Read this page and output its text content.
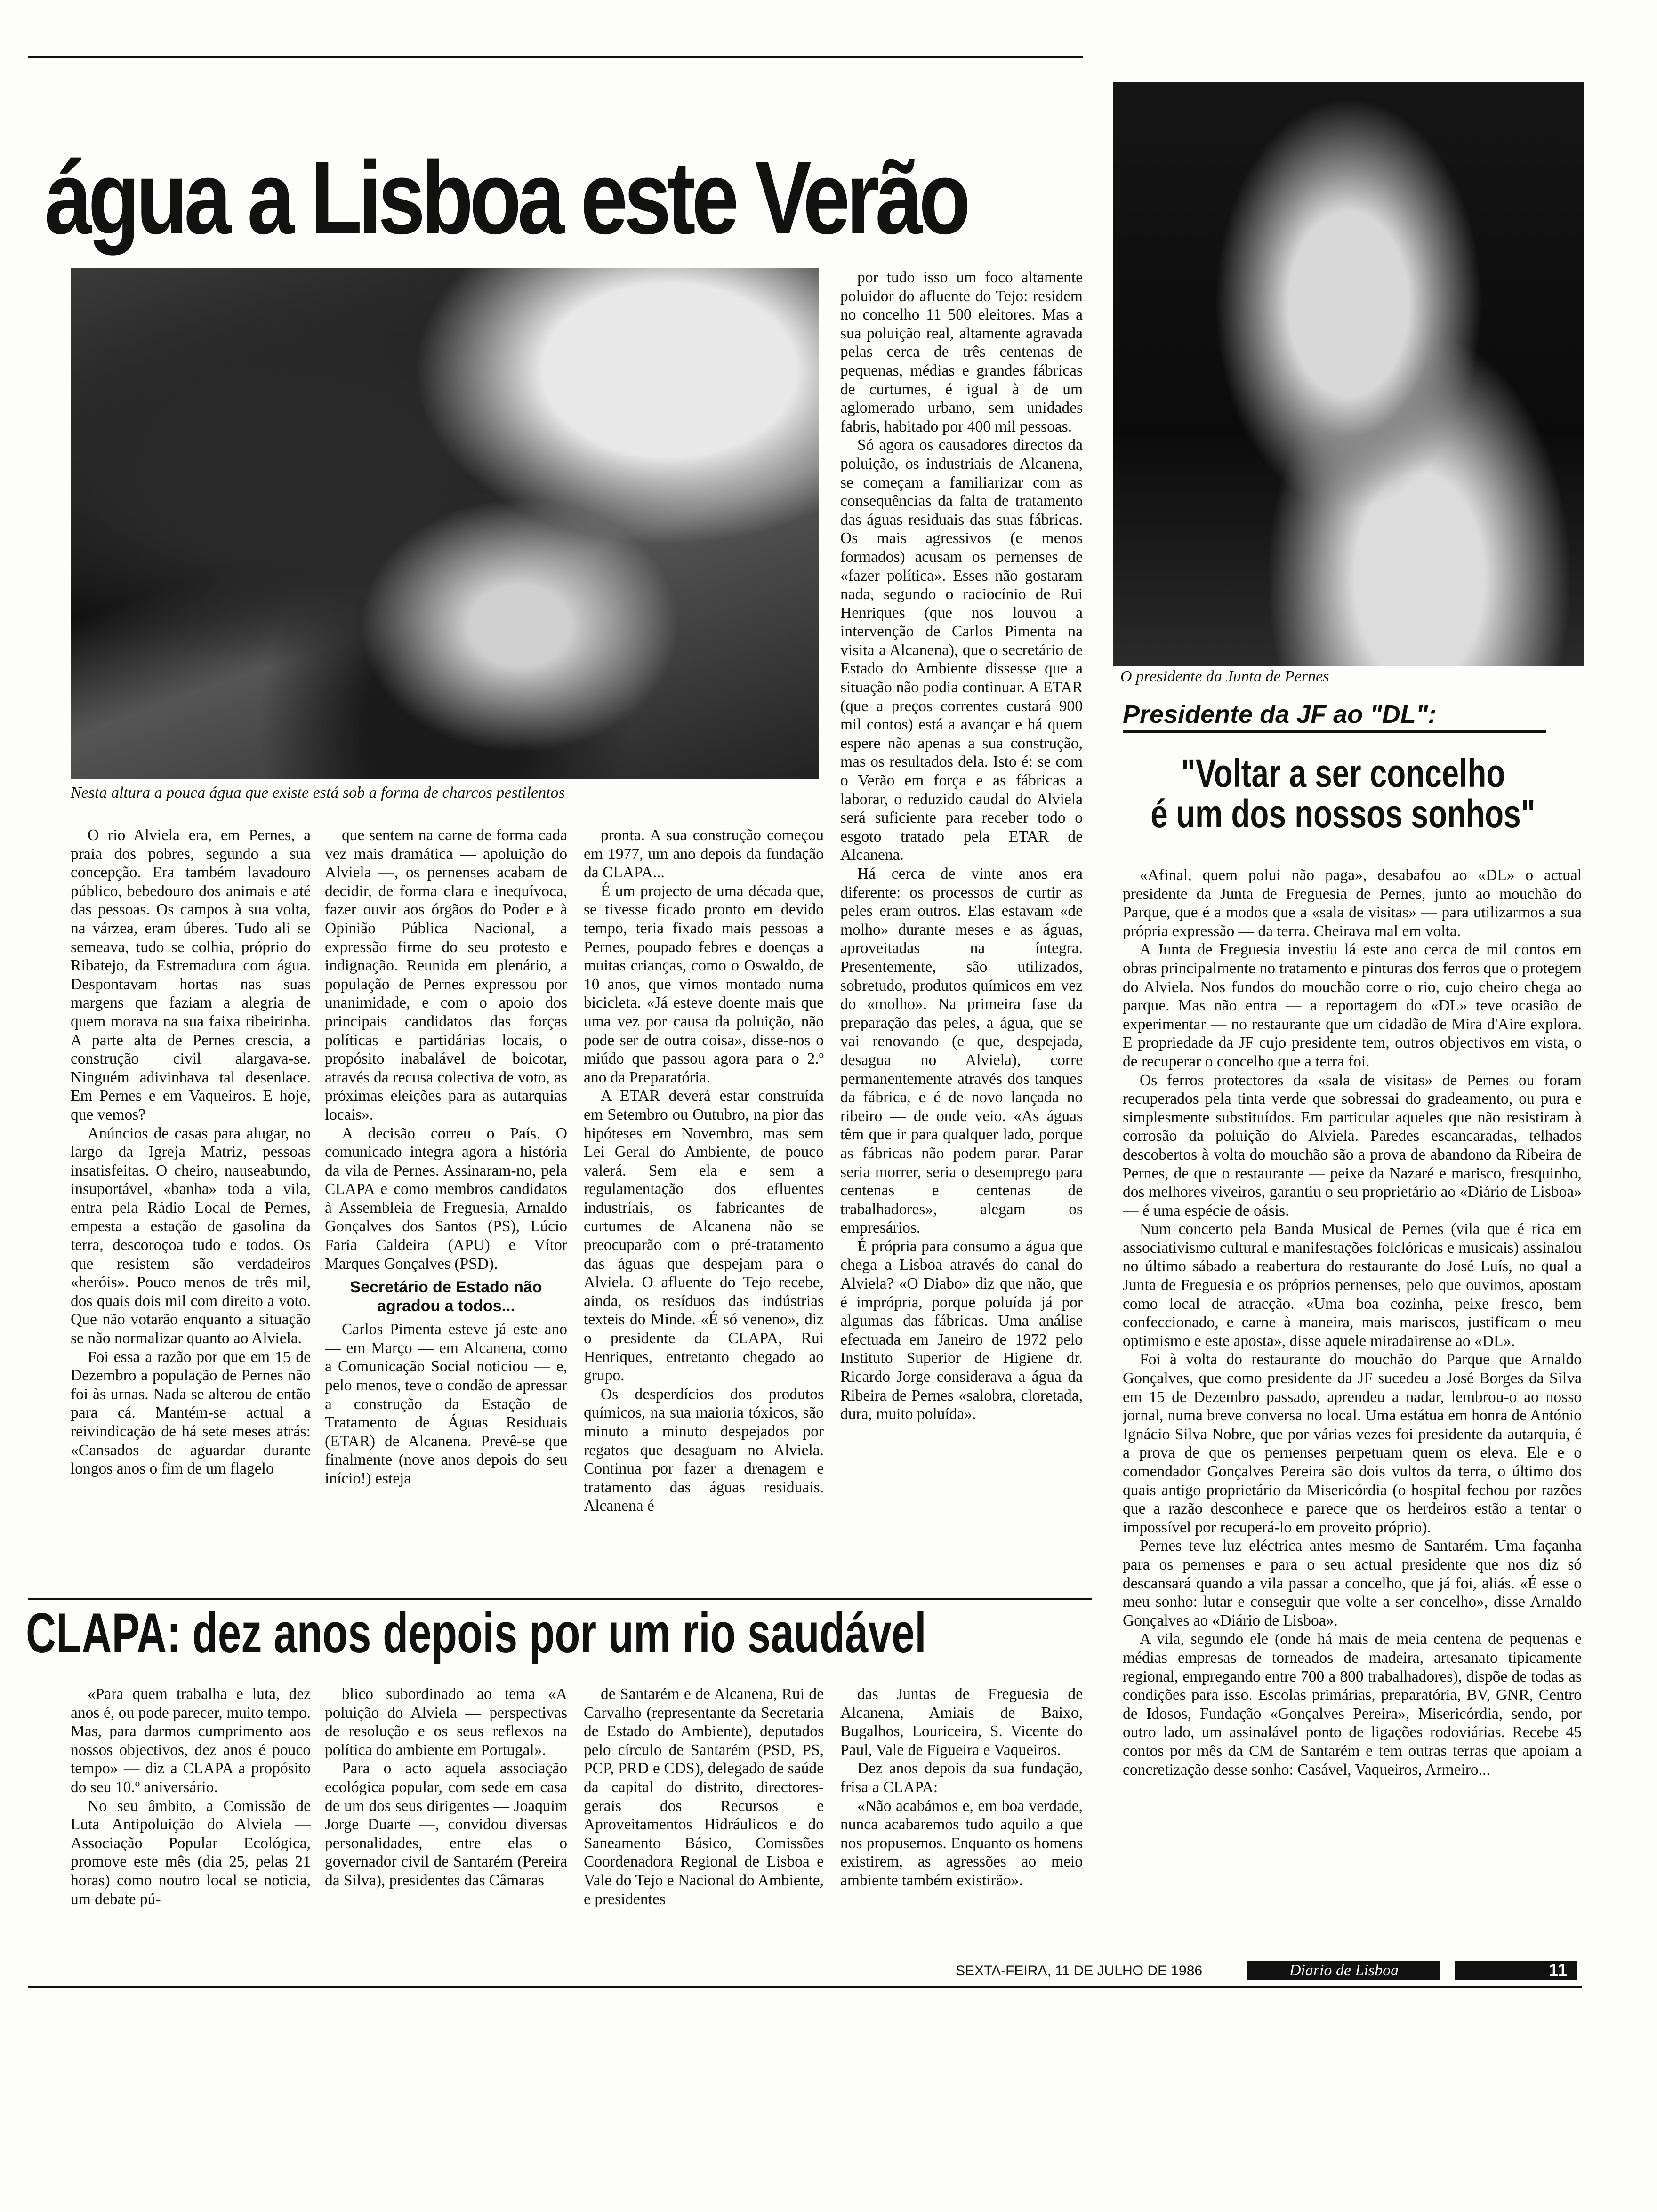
água a Lisboa este Verão
Nesta altura a pouca água que existe está sob a forma de charcos pestilentos
O presidente da Junta de Pernes
Presidente da JF ao "DL":
"Voltar a ser concelho
é um dos nossos sonhos"

O rio Alviela era, em Pernes, a praia dos pobres, segundo a sua concepção. Era também lavadouro público, bebedouro dos animais e até das pessoas. Os campos à sua volta, na várzea, eram úberes. Tudo ali se semeava, tudo se colhia, próprio do Ribatejo, da Estremadura com água. Despontavam hortas nas suas margens que faziam a alegria de quem morava na sua faixa ribeirinha. A parte alta de Pernes crescia, a construção civil alargava-se. Ninguém adivinhava tal desenlace. Em Pernes e em Vaqueiros. E hoje, que vemos?

Anúncios de casas para alugar, no largo da Igreja Matriz, pessoas insatisfeitas. O cheiro, nauseabundo, insuportável, «banha» toda a vila, entra pela Rádio Local de Pernes, empesta a estação de gasolina da terra, descoroçoa tudo e todos. Os que resistem são verdadeiros «heróis». Pouco menos de três mil, dos quais dois mil com direito a voto. Que não votarão enquanto a situação se não normalizar quanto ao Alviela.

Foi essa a razão por que em 15 de Dezembro a população de Pernes não foi às urnas. Nada se alterou de então para cá. Mantém-se actual a reivindicação de há sete meses atrás: «Cansados de aguardar durante longos anos o fim de um flagelo

que sentem na carne de forma cada vez mais dramática — apoluição do Alviela —, os pernenses acabam de decidir, de forma clara e inequívoca, fazer ouvir aos órgãos do Poder e à Opinião Pública Nacional, a expressão firme do seu protesto e indignação. Reunida em plenário, a população de Pernes expressou por unanimidade, e com o apoio dos principais candidatos das forças políticas e partidárias locais, o propósito inabalável de boicotar, através da recusa colectiva de voto, as próximas eleições para as autarquias locais».

A decisão correu o País. O comunicado integra agora a história da vila de Pernes. Assinaram-no, pela CLAPA e como membros candidatos à Assembleia de Freguesia, Arnaldo Gonçalves dos Santos (PS), Lúcio Faria Caldeira (APU) e Vítor Marques Gonçalves (PSD).

Secretário de Estado não agradou a todos...

Carlos Pimenta esteve já este ano — em Março — em Alcanena, como a Comunicação Social noticiou — e, pelo menos, teve o condão de apressar a construção da Estação de Tratamento de Águas Residuais (ETAR) de Alcanena. Prevê-se que finalmente (nove anos depois do seu início!) esteja

pronta. A sua construção começou em 1977, um ano depois da fundação da CLAPA...

É um projecto de uma década que, se tivesse ficado pronto em devido tempo, teria fixado mais pessoas a Pernes, poupado febres e doenças a muitas crianças, como o Oswaldo, de 10 anos, que vimos montado numa bicicleta. «Já esteve doente mais que uma vez por causa da poluição, não pode ser de outra coisa», disse-nos o miúdo que passou agora para o 2.º ano da Preparatória.

A ETAR deverá estar construída em Setembro ou Outubro, na pior das hipóteses em Novembro, mas sem Lei Geral do Ambiente, de pouco valerá. Sem ela e sem a regulamentação dos efluentes industriais, os fabricantes de curtumes de Alcanena não se preocuparão com o pré-tratamento das águas que despejam para o Alviela. O afluente do Tejo recebe, ainda, os resíduos das indústrias texteis do Minde. «É só veneno», diz o presidente da CLAPA, Rui Henriques, entretanto chegado ao grupo.

Os desperdícios dos produtos químicos, na sua maioria tóxicos, são minuto a minuto despejados por regatos que desaguam no Alviela. Continua por fazer a drenagem e tratamento das águas residuais. Alcanena é

por tudo isso um foco altamente poluidor do afluente do Tejo: residem no concelho 11 500 eleitores. Mas a sua poluição real, altamente agravada pelas cerca de três centenas de pequenas, médias e grandes fábricas de curtumes, é igual à de um aglomerado urbano, sem unidades fabris, habitado por 400 mil pessoas.

Só agora os causadores directos da poluição, os industriais de Alcanena, se começam a familiarizar com as consequências da falta de tratamento das águas residuais das suas fábricas. Os mais agressivos (e menos formados) acusam os pernenses de «fazer política». Esses não gostaram nada, segundo o raciocínio de Rui Henriques (que nos louvou a intervenção de Carlos Pimenta na visita a Alcanena), que o secretário de Estado do Ambiente dissesse que a situação não podia continuar. A ETAR (que a preços correntes custará 900 mil contos) está a avançar e há quem espere não apenas a sua construção, mas os resultados dela. Isto é: se com o Verão em força e as fábricas a laborar, o reduzido caudal do Alviela será suficiente para receber todo o esgoto tratado pela ETAR de Alcanena.

Há cerca de vinte anos era diferente: os processos de curtir as peles eram outros. Elas estavam «de molho» durante meses e as águas, aproveitadas na íntegra. Presentemente, são utilizados, sobretudo, produtos químicos em vez do «molho». Na primeira fase da preparação das peles, a água, que se vai renovando (e que, despejada, desagua no Alviela), corre permanentemente através dos tanques da fábrica, e é de novo lançada no ribeiro — de onde veio. «As águas têm que ir para qualquer lado, porque as fábricas não podem parar. Parar seria morrer, seria o desemprego para centenas e centenas de trabalhadores», alegam os empresários.

É própria para consumo a água que chega a Lisboa através do canal do Alviela? «O Diabo» diz que não, que é imprópria, porque poluída já por algumas das fábricas. Uma análise efectuada em Janeiro de 1972 pelo Instituto Superior de Higiene dr. Ricardo Jorge considerava a água da Ribeira de Pernes «salobra, cloretada, dura, muito poluída».

«Afinal, quem polui não paga», desabafou ao «DL» o actual presidente da Junta de Freguesia de Pernes, junto ao mouchão do Parque, que é a modos que a «sala de visitas» — para utilizarmos a sua própria expressão — da terra. Cheirava mal em volta.

A Junta de Freguesia investiu lá este ano cerca de mil contos em obras principalmente no tratamento e pinturas dos ferros que o protegem do Alviela. Nos fundos do mouchão corre o rio, cujo cheiro chega ao parque. Mas não entra — a reportagem do «DL» teve ocasião de experimentar — no restaurante que um cidadão de Mira d'Aire explora. E propriedade da JF cujo presidente tem, outros objectivos em vista, o de recuperar o concelho que a terra foi.

Os ferros protectores da «sala de visitas» de Pernes ou foram recuperados pela tinta verde que sobressai do gradeamento, ou pura e simplesmente substituídos. Em particular aqueles que não resistiram à corrosão da poluição do Alviela. Paredes escancaradas, telhados descobertos à volta do mouchão são a prova de abandono da Ribeira de Pernes, de que o restaurante — peixe da Nazaré e marisco, fresquinho, dos melhores viveiros, garantiu o seu proprietário ao «Diário de Lisboa» — é uma espécie de oásis.

Num concerto pela Banda Musical de Pernes (vila que é rica em associativismo cultural e manifestações folclóricas e musicais) assinalou no último sábado a reabertura do restaurante do José Luís, no qual a Junta de Freguesia e os próprios pernenses, pelo que ouvimos, apostam como local de atracção. «Uma boa cozinha, peixe fresco, bem confeccionado, e carne à maneira, mais mariscos, justificam o meu optimismo e este aposta», disse aquele miradairense ao «DL».

Foi à volta do restaurante do mouchão do Parque que Arnaldo Gonçalves, que como presidente da JF sucedeu a José Borges da Silva em 15 de Dezembro passado, aprendeu a nadar, lembrou-o ao nosso jornal, numa breve conversa no local. Uma estátua em honra de António Ignácio Silva Nobre, que por várias vezes foi presidente da autarquia, é a prova de que os pernenses perpetuam quem os eleva. Ele e o comendador Gonçalves Pereira são dois vultos da terra, o último dos quais antigo proprietário da Misericórdia (o hospital fechou por razões que a razão desconhece e parece que os herdeiros estão a tentar o impossível por recuperá-lo em proveito próprio).

Pernes teve luz eléctrica antes mesmo de Santarém. Uma façanha para os pernenses e para o seu actual presidente que nos diz só descansará quando a vila passar a concelho, que já foi, aliás. «É esse o meu sonho: lutar e conseguir que volte a ser concelho», disse Arnaldo Gonçalves ao «Diário de Lisboa».

A vila, segundo ele (onde há mais de meia centena de pequenas e médias empresas de torneados de madeira, artesanato tipicamente regional, empregando entre 700 a 800 trabalhadores), dispõe de todas as condições para isso. Escolas primárias, preparatória, BV, GNR, Centro de Idosos, Fundação «Gonçalves Pereira», Misericórdia, sendo, por outro lado, um assinalável ponto de ligações rodoviárias. Recebe 45 contos por mês da CM de Santarém e tem outras terras que apoiam a concretização desse sonho: Casável, Vaqueiros, Armeiro...

CLAPA: dez anos depois por um rio saudável

«Para quem trabalha e luta, dez anos é, ou pode parecer, muito tempo. Mas, para darmos cumprimento aos nossos objectivos, dez anos é pouco tempo» — diz a CLAPA a propósito do seu 10.º aniversário.

No seu âmbito, a Comissão de Luta Antipoluição do Alviela — Associação Popular Ecológica, promove este mês (dia 25, pelas 21 horas) como noutro local se noticia, um debate pú-

blico subordinado ao tema «A poluição do Alviela — perspectivas de resolução e os seus reflexos na política do ambiente em Portugal».

Para o acto aquela associação ecológica popular, com sede em casa de um dos seus dirigentes — Joaquim Jorge Duarte —, convidou diversas personalidades, entre elas o governador civil de Santarém (Pereira da Silva), presidentes das Câmaras

de Santarém e de Alcanena, Rui de Carvalho (representante da Secretaria de Estado do Ambiente), deputados pelo círculo de Santarém (PSD, PS, PCP, PRD e CDS), delegado de saúde da capital do distrito, directores-gerais dos Recursos e Aproveitamentos Hidráulicos e do Saneamento Básico, Comissões Coordenadora Regional de Lisboa e Vale do Tejo e Nacional do Ambiente, e presidentes

das Juntas de Freguesia de Alcanena, Amiais de Baixo, Bugalhos, Louriceira, S. Vicente do Paul, Vale de Figueira e Vaqueiros.

Dez anos depois da sua fundação, frisa a CLAPA:

«Não acabámos e, em boa verdade, nunca acabaremos tudo aquilo a que nos propusemos. Enquanto os homens existirem, as agressões ao meio ambiente também existirão».

SEXTA-FEIRA, 11 DE JULHO DE 1986	Diario de Lisboa	11
